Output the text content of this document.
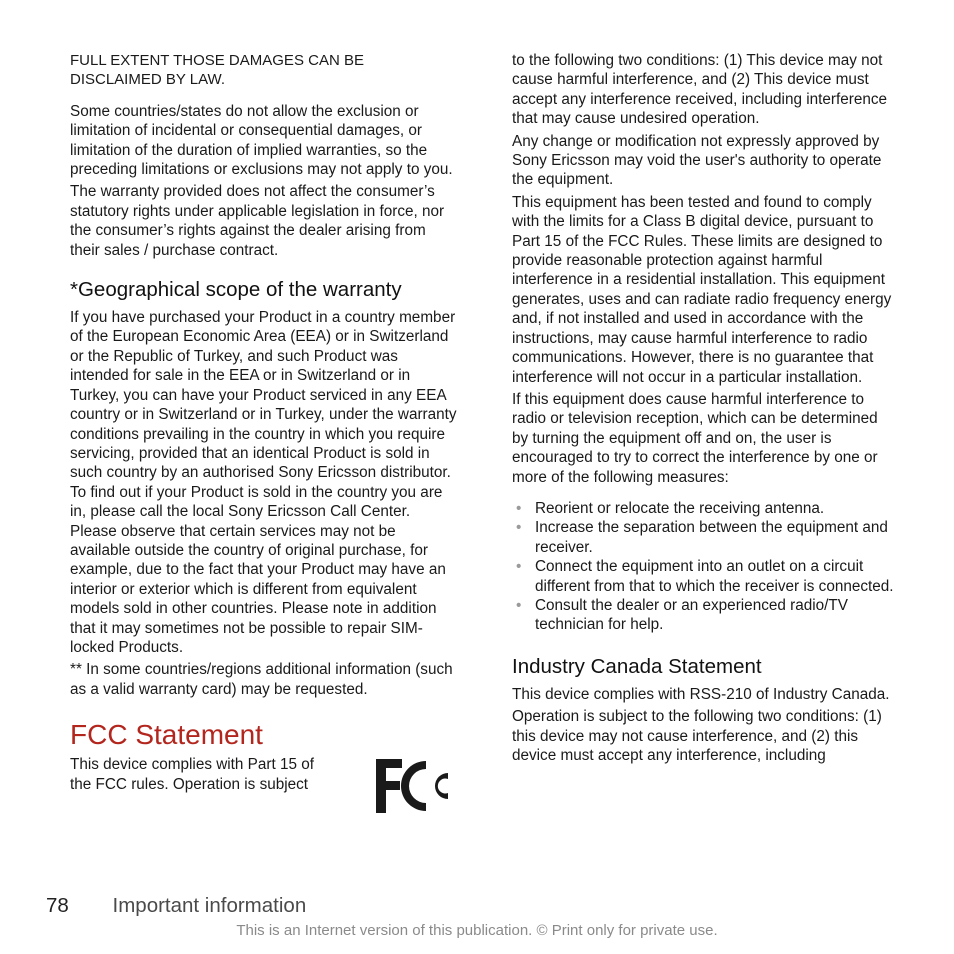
FULL EXTENT THOSE DAMAGES CAN BE DISCLAIMED BY LAW.

Some countries/states do not allow the exclusion or limitation of incidental or consequential damages, or limitation of the duration of implied warranties, so the preceding limitations or exclusions may not apply to you.

The warranty provided does not affect the consumer’s statutory rights under applicable legislation in force, nor the consumer’s rights against the dealer arising from their sales / purchase contract.

*Geographical scope of the warranty

If you have purchased your Product in a country member of the European Economic Area (EEA) or in Switzerland or the Republic of Turkey, and such Product was intended for sale in the EEA or in Switzerland or in Turkey, you can have your Product serviced in any EEA country or in Switzerland or in Turkey, under the warranty conditions prevailing in the country in which you require servicing, provided that an identical Product is sold in such country by an authorised Sony Ericsson distributor. To find out if your Product is sold in the country you are in, please call the local Sony Ericsson Call Center. Please observe that certain services may not be available outside the country of original purchase, for example, due to the fact that your Product may have an interior or exterior which is different from equivalent models sold in other countries. Please note in addition that it may sometimes not be possible to repair SIM-locked Products.

** In some countries/regions additional information (such as a valid warranty card) may be requested.

FCC Statement

This device complies with Part 15 of the FCC rules. Operation is subject

to the following two conditions: (1) This device may not cause harmful interference, and (2) This device must accept any interference received, including interference that may cause undesired operation.

Any change or modification not expressly approved by Sony Ericsson may void the user's authority to operate the equipment.

This equipment has been tested and found to comply with the limits for a Class B digital device, pursuant to Part 15 of the FCC Rules. These limits are designed to provide reasonable protection against harmful interference in a residential installation. This equipment generates, uses and can radiate radio frequency energy and, if not installed and used in accordance with the instructions, may cause harmful interference to radio communications. However, there is no guarantee that interference will not occur in a particular installation.

If this equipment does cause harmful interference to radio or television reception, which can be determined by turning the equipment off and on, the user is encouraged to try to correct the interference by one or more of the following measures:

• Reorient or relocate the receiving antenna.
• Increase the separation between the equipment and receiver.
• Connect the equipment into an outlet on a circuit different from that to which the receiver is connected.
• Consult the dealer or an experienced radio/TV technician for help.
Industry Canada Statement

This device complies with RSS-210 of Industry Canada.

Operation is subject to the following two conditions: (1) this device may not cause interference, and (2) this device must accept any interference, including

78 Important information
This is an Internet version of this publication. © Print only for private use.
